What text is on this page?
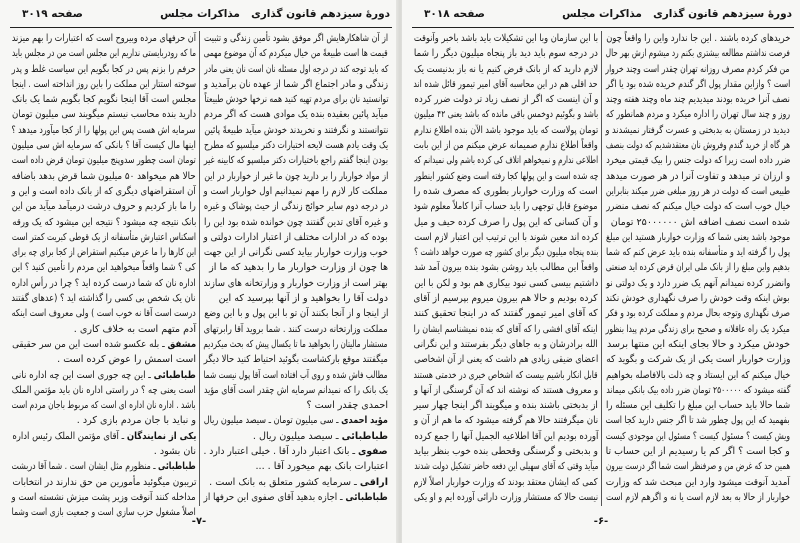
دورهٔ سیزدهم قانون گذاری
مذاکرات مجلس
صفحه ۳۰۱۹
از آن شاهکارهایش اگر موفق بشود تأمین زندگی و تثبیت
قیمت ها است طبیعةً من خیال میکردم که آن موضوع مهمی
که باید توجه کند در درجه اول مسئله نان است نان یعنی مادر
زندگی و مادر اجتماع اگر شما از عهده نان برآمدید و
توانستید نان برای مردم تهیه کنید همه نرخها خودش طبیعتاً
میآید پائین بعقیده بنده یک موادی هست که اگر مردم
نتوانستند و نگرفتند و نخریدند خودش میآید طبیعةً پائین
یک وقت یادم هست لایحه اختیارات دکتر میلسپو که مطرح
بودن اینجا گفتم راجع باختیارات دکتر میلسپو که کابینه غیر
از مواد خواربار را بر دارید چون ما غیر از خواربار در این
مملکت کار لازم را مهم نمیدانیم اول خواربار است و
در درجه دوم سایر حوائج زندگی از حیث پوشاک و غیره
و غیره آقای تدین گفتند چون خوانده شده بود این را
بوده که در ادارات مختلف از اعتبار ادارات دولتی و
خوب وزارت خواربار بیاید کسی نگرانی از این جهت
ها چون از وزارت خواربار ما را بدهید که ما از
بهتر است از وزارت خواربار و وزارتخانه های سازند
دولت آقا را بخواهید و از آنها بپرسید که این
از اینجا و از آنجا بکنند آن تو با این پول و با این وضع
مملکت وزارتخانه درست کنند . شما بروید آقا رابرتهای
مستشار مالیتان را بخواهید ما تا یکسال پیش که بحث میکردیم
میگفتند موقع بارکشاست بگوئید احتیاط کنید حالا دیگر
مطالب فاش شده و روی آب افتاده است آقا پول نیست شما
یک بانک را که نمیدانم سرمایه اش چقدر است آقای مؤید
احمدی چقدر است ؟
مؤید احمدی ـ سی میلیون تومان ـ سیصد میلیون ریال
طباطبائی ـ سیصد میلیون ریال .
صفوی ـ بانک اعتبار دارد آقا . خیلی اعتبار دارد .
اعتبارات بانک بهم میخورد آقا . ...
اراقی ـ سرمایه کشور متعلق به بانک است .
طباطبائی ـ اجازه بدهید آقای صفوی این حرفها از
آن حرفهای مرده وبیروح است که اعتبارات را بهم میزند
ما که رودربایستی نداریم این مجلس است من در مجلس باید
حرفم را بزنم پس در کجا بگویم این سیاست غلط و پدر
سوخته استتار این مملکت را باین روز انداخته است . اینجا
مجلس است آقا اینجا نگویم کجا بگویم شما یک بانک
دارید بنده محاسب نیستم میگویند سی میلیون تومان
سرمایه اش هست پس این پولها را از کجا میآورد میدهد ؟
اینها مال کیست آقا ؟ بانکی که سرمایه اش سی میلیون
تومان است چطور سدوپنج میلیون تومان قرض داده است
حالا هم میخواهد ۵۰ میلیون شما قرض بدهد باضافه
آن استقراضهای دیگری که از بانک داده است و این و
را ما باز کردیم و حروف درشت درمیآمد میآید من این
بانک نتیجه چه میشود ؟ نتیجه این میشود که یک ورقه
اسکناس اعتبارش متأسفانه از یک قوطی کبریت کمتر است
این کارها را ما عرض میکنیم استقراض از کجا برای چه برای
کی ؟ شما واقعاً میخواهید این مردم را تأمین کنید ؟ این
اداره نان که شما درست کرده اید ؟ چرا در رأس اداره
نان یک شخص بی کسی را گذاشته اید ؟ (عدهای گفتند
درست است آقا نه خوب است ) ولی معروف است اینکه
آدم متهم است به خلاف کاری .
مشفق ـ بله عکسو شده است این من سر حقیقی
است اسمش را عوض کرده است .
طباطبائی ـ این چه جوری است این چه اداره نانی
است یعنی چه ؟ در راستی اداره نان باید مؤتمن الملک
باشد . اداره نان اداره ای است که مربوط باجان مردم است
و نباید با جان مردم بازی کرد .
یکی از نمایندگان ـ آقای مؤتمن الملک رئیس اداره
نان بشود .
طباطبائی ـ منظورم مثل ایشان است . شما آقا دربشت
تریبون میگوئید مأمورین من حق ندارند در انتخابات
مداخله کنند آنوقت وزیر پشت میزش نشسته است و
اصلاً مشغول حزب سازی است و جمعیت بازی است وشما
-۷-
دورهٔ سیزدهم قانون گذاری
مذاکرات مجلس
صفحه ۳۰۱۸
خریدهای کرده باشند . این جا ندارد واین را واقعاً چون
فرصت نداشتم مطالعه بیشتری بکنم رد میشوم ازش بهر حال
من فکر کردم مصرف روزانه تهران چقدر است وچند خروار
است ؟ وازاین مقدار پول اگر گندم خریده شده بود یا اگر
نصف آنرا خریده بودند میدیدیم چند ماه وچند هفته وچند
روز و چند سال تهران را اداره میکرد و مردم همانطور که
دیدید در زمستان به بدبختی و عسرت گرفتار نمیشدند و
هر گاه از خرید گندم وفروش نان معتقدشدیم که دولت بنصف
ضرر داده است زیرا که دولت جنس را بیک قیمتی میخرد
و ارزان تر میدهد و تفاوت آنرا در هر صورت میدهد
طبیعی است که دولت در هر روز مبلغی ضرر میکند بنابراین
خیال خوب است که دولت خیال میکنم که نصف منضرر
شده است نصف اضافه اش ۲۵۰۰۰۰۰۰ تومان
موجود باشد یعنی شما که وزارت خواربار هستید این مبلغ
پول را گرفته اید و متأسفانه بنده باید عرض کنم که شما
بدهیم واین مبلغ را از بانک ملی ایران قرض کرده اید صنعتی
وانضرر کرده نمیدانم آنهم یک ضرر دارد و یک دولتی نو
بوش اینکه وقت خودش را صرف نگهداری خودش نکند
صرف نگهداری وتوجه بحال مردم و مملکت کرده بود و فکر
میکرد یک راه عاقلانه و صحیح برای زندگی مردم پیدا بنظور
خودش میکرد و حالا بجای اینکه این منتها برسد
وزارت خواربار است یکی از یک شرکت و بگوید که
خیال میکنم که این ایستاد و چه ذلت بالافاصله بخواهیم
گفته میشود که ۲۵۰۰۰۰۰ تومان ضرر داده بیک بانکی میماند
شما حالا باید حساب این مبلغ را تکلیف این مسئله را
بفهمید که این پول چطور شد تا اگر جنس دارید کجا است
ویش کیست ؟ مسئول کیست ؟ مسئول این موجودی کیست
و کجا است ؟ اگر کم یا رسیدیم از این حساب تا
همین حد که غرض من و صرفنظر است شما اگر درست بیرون
آمدید آنوقت میشود وارد این مبحث شد که وزارت
خواربار از حالا به بعد لازم است یا نه و اگرهم لازم است
با این سازمان وبا این تشکیلات باید باشد باخبر وآنوقت
در درجه سوم باید دید باز پنجاه میلیون دیگر را شما
لازم دارید که از بانک قرض کنیم یا نه باز بدنیست یک
حد اقلی هم در این محاسبه آقای امیر تیمور قائل شده اند
و آن اینست که اگر از نصف زیاد تر دولت ضرر کرده
باشد و بگوئیم دوخمس باقی مانده که باشد یعنی ۴۲ میلیون
تومان پولاست که باید موجود باشد الآن بنده اطلاع ندارم
واقعاً اطلاع ندارم صمیمانه عرض میکنم من از این بابت
اطلاعی ندارم و نمیخواهم اتلاف کی کرده باشم ولی نمیدانم که
چه شده است و این پولها کجا رفته است وضع کشور اینطور
است که وزارت خواربار بطوری که مصرف شده را
موضوع قابل توجهی را باید حساب آنرا کاملاً معلوم شود
و آن کسانی که این پول را صرف کرده حیف و میل
کرده اند معین شوند با این ترتیب این اعتبار لازم است
بنده پنجاه میلیون دیگر برای کشور چه صورت خواهد داشت ؟
واقعاً این مطالب باید روشن بشود بنده بیرون آمد شد
داشتیم بیسی کسی نبود بیکاری هم بود و لکن با این
کرده بودیم و حالا هم بیرون میروم بپرسیم از آقای
که آقای امیر تیمور گفتند که در اینجا تحقیق کنند
اینکه آقای افشی را که آقای که بنده نمیشناسم ایشان را
الله برادرشان و به جاهای دیگر بفرستند و این نگرانی
اعضای ضیقی زیادی هم داشت که یعنی از آن اشخاصی
قابل انکار باشیم بیست که اشخاص خیری در خدمتی هستند
و معروف هستند که نوشته اند که آن گرسنگی از آنها و
از بدبختی باشند بنده و میگویند اگر اینجا چهار سیر
نان میگرفتند حالا هم گرفته میشود که ما هم از آن و
آورده بودیم این آقا اطلاعیه الجمیل آنها را جمع کرده
و بدبختی و گرسنگی وقحطی بنده خوب بنظر بیاید
میآید وقتی که آقای سهیلی این دفعه حاضر تشکیل دولت شدند
کمی که ایشان معتقد بودند که وزارت خواربار اصلاً لازم
نیست حالا که مستشار وزارت دارائی آورده ایم و او یکی
-۶-
